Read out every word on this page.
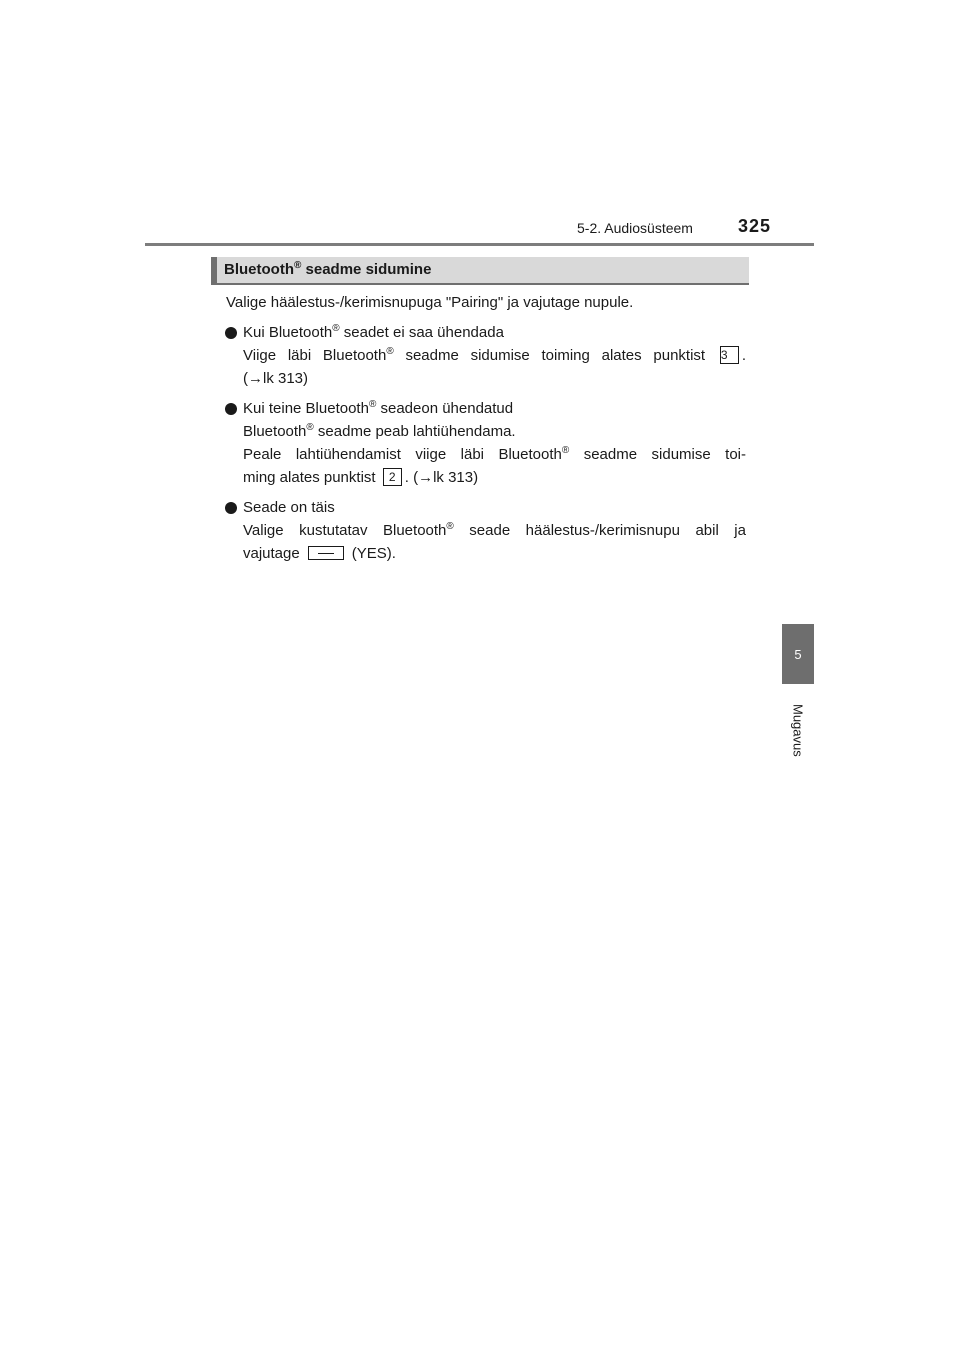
5-2. Audiosüsteem	325
5
Mugavus
Bluetooth® seadme sidumine
Valige häälestus-/kerimisnupuga "Pairing" ja vajutage nupule.
Kui Bluetooth® seadet ei saa ühendada
Viige läbi Bluetooth® seadme sidumise toiming alates punktist 3 .
(→lk 313)
Kui teine Bluetooth® seadeon ühendatud
Bluetooth® seadme peab lahtiühendama.
Peale lahtiühendamist viige läbi Bluetooth® seadme sidumise toi-
ming alates punktist 2 . (→lk 313)
Seade on täis
Valige kustutatav Bluetooth® seade häälestus-/kerimisnupu abil ja
vajutage	(YES).
